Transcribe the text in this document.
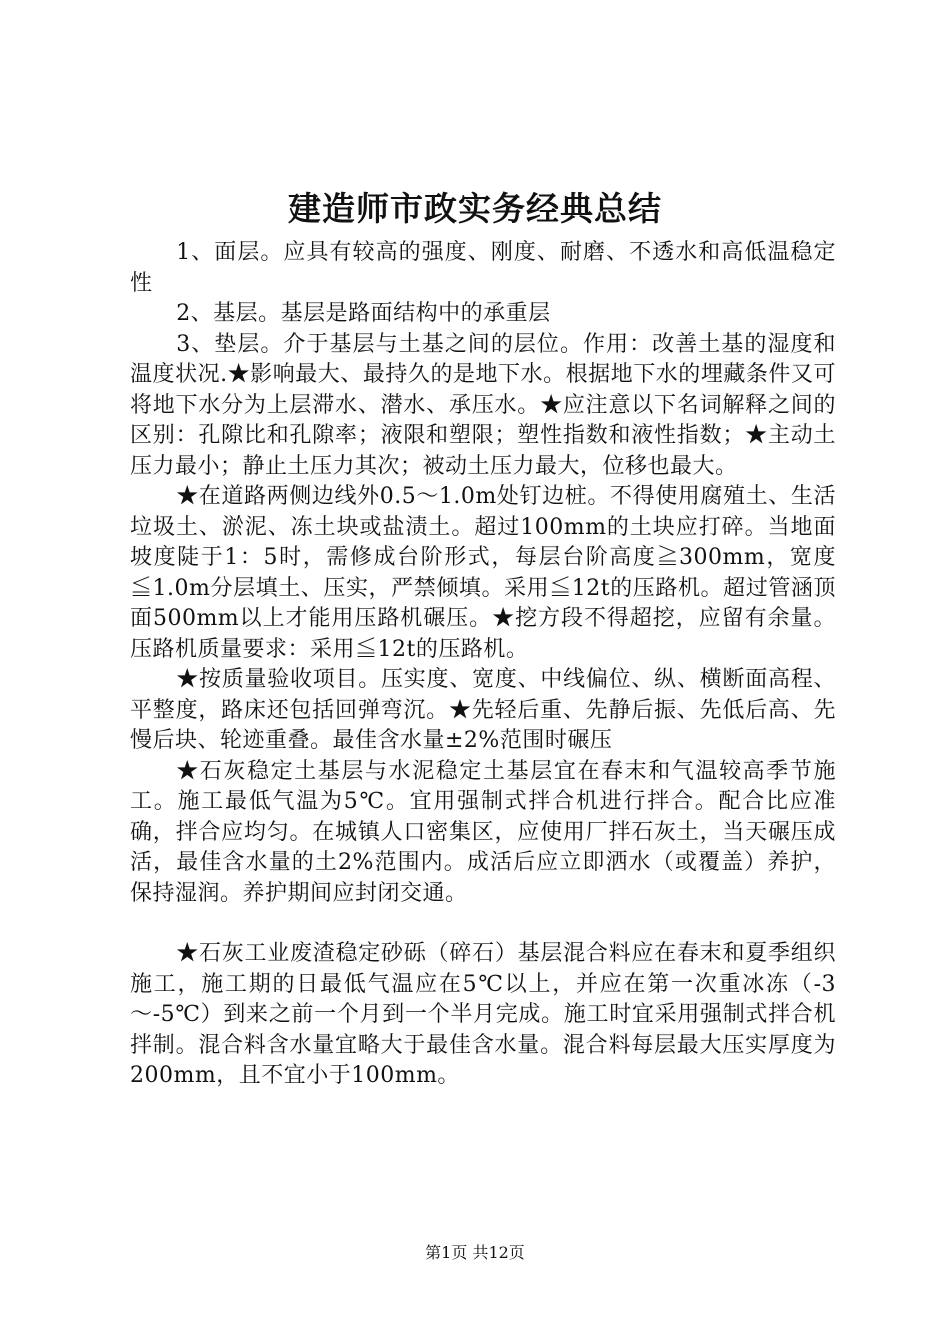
建造师市政实务经典总结

1、面层。应具有较高的强度、刚度、耐磨、不透水和高低温稳定性

2、基层。基层是路面结构中的承重层

3、垫层。介于基层与土基之间的层位。作用：改善土基的湿度和温度状况.★影响最大、最持久的是地下水。根据地下水的埋藏条件又可将地下水分为上层滞水、潜水、承压水。★应注意以下名词解释之间的区别：孔隙比和孔隙率；液限和塑限；塑性指数和液性指数；★主动土压力最小；静止土压力其次；被动土压力最大，位移也最大。

★在道路两侧边线外0.5～1.0m处钉边桩。不得使用腐殖土、生活垃圾土、淤泥、冻土块或盐渍土。超过100mm的土块应打碎。当地面坡度陡于1：5时，需修成台阶形式，每层台阶高度≧300mm，宽度≦1.0m分层填土、压实，严禁倾填。采用≦12t的压路机。超过管涵顶面500mm以上才能用压路机碾压。★挖方段不得超挖，应留有余量。压路机质量要求：采用≦12t的压路机。

★按质量验收项目。压实度、宽度、中线偏位、纵、横断面高程、平整度，路床还包括回弹弯沉。★先轻后重、先静后振、先低后高、先慢后块、轮迹重叠。最佳含水量±2%范围时碾压

★石灰稳定土基层与水泥稳定土基层宜在春末和气温较高季节施工。施工最低气温为5℃。宜用强制式拌合机进行拌合。配合比应准确，拌合应均匀。在城镇人口密集区，应使用厂拌石灰土，当天碾压成活，最佳含水量的土2%范围内。成活后应立即洒水（或覆盖）养护，保持湿润。养护期间应封闭交通。

★石灰工业废渣稳定砂砾（碎石）基层混合料应在春末和夏季组织施工，施工期的日最低气温应在5℃以上，并应在第一次重冰冻（-3～-5℃）到来之前一个月到一个半月完成。施工时宜采用强制式拌合机拌制。混合料含水量宜略大于最佳含水量。混合料每层最大压实厚度为200mm，且不宜小于100mm。

第1页 共12页
